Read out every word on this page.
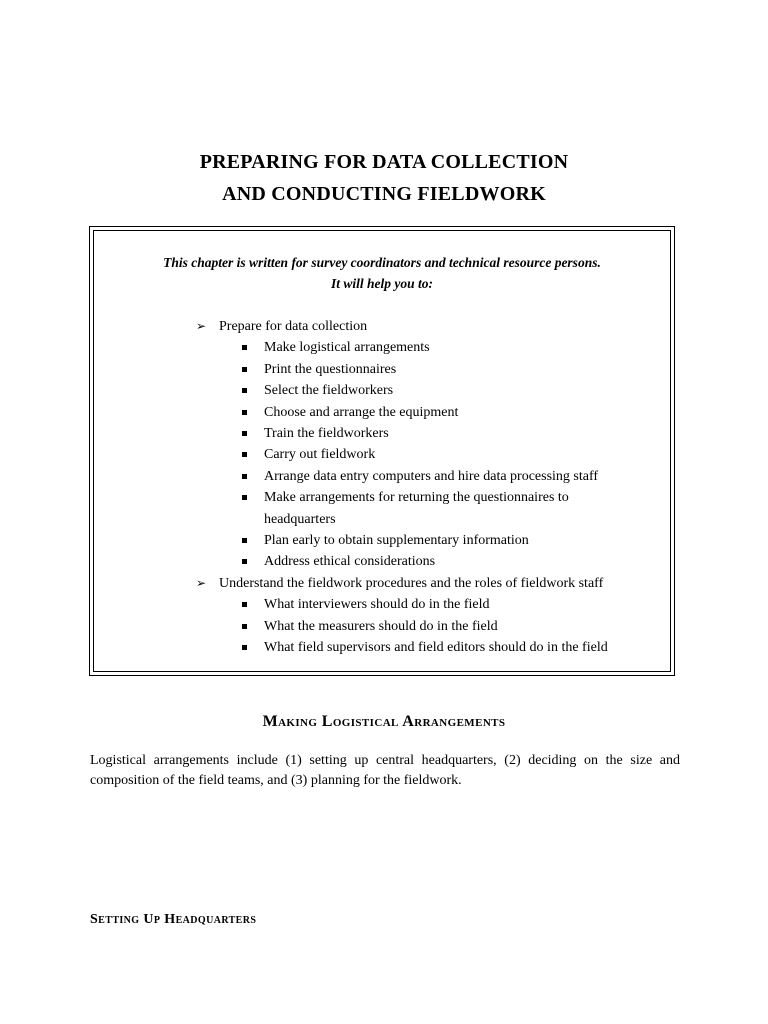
PREPARING FOR DATA COLLECTION
AND CONDUCTING FIELDWORK
This chapter is written for survey coordinators and technical resource persons.
It will help you to:
➢ Prepare for data collection
Make logistical arrangements
Print the questionnaires
Select the fieldworkers
Choose and arrange the equipment
Train the fieldworkers
Carry out fieldwork
Arrange data entry computers and hire data processing staff
Make arrangements for returning the questionnaires to
headquarters
Plan early to obtain supplementary information
Address ethical considerations
➢ Understand the fieldwork procedures and the roles of fieldwork staff
What interviewers should do in the field
What the measurers should do in the field
What field supervisors and field editors should do in the field
Making Logistical Arrangements
Logistical arrangements include (1) setting up central headquarters, (2) deciding on the size and composition of the field teams, and (3) planning for the fieldwork.
Setting Up Headquarters
